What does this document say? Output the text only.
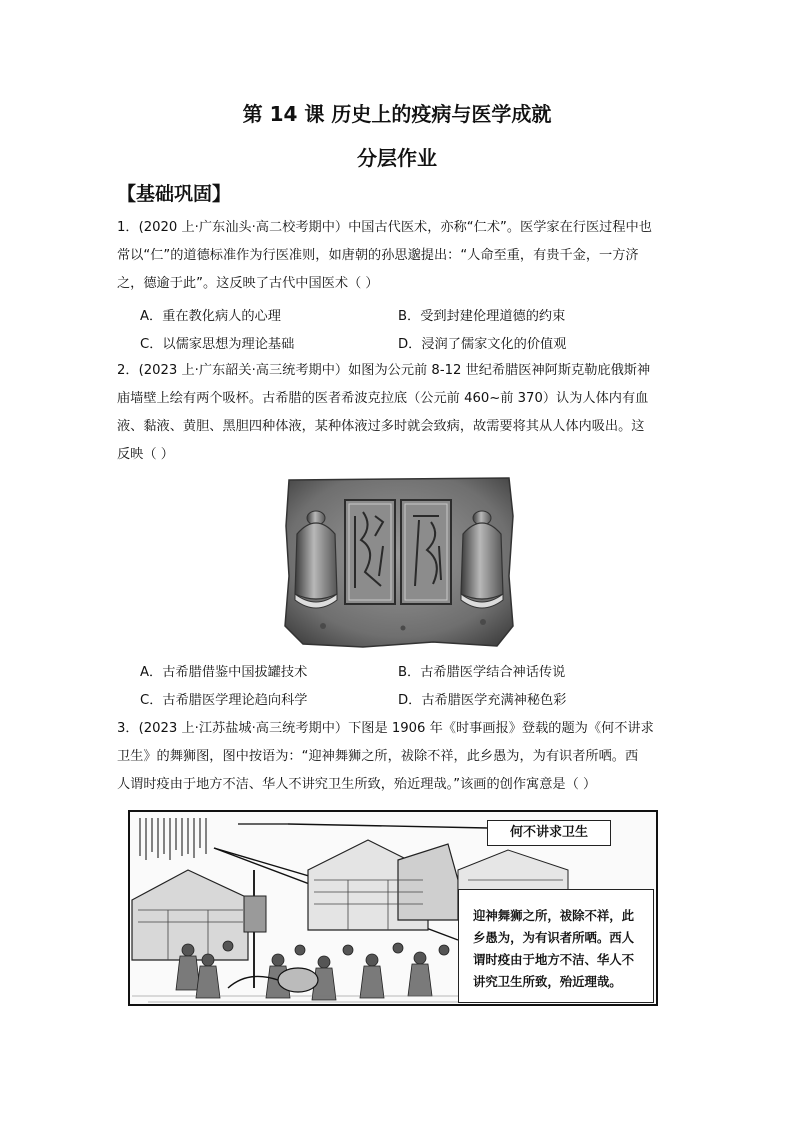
第 14 课 历史上的疫病与医学成就
分层作业
【基础巩固】
1．(2020 上·广东汕头·高二校考期中）中国古代医术，亦称“仁术”。医学家在行医过程中也
常以“仁”的道德标准作为行医准则，如唐朝的孙思邈提出：“人命至重，有贵千金，一方济
之，德逾于此”。这反映了古代中国医术（ ）
A．重在教化病人的心理	B．受到封建伦理道德的约束
C．以儒家思想为理论基础	D．浸润了儒家文化的价值观
2．(2023 上·广东韶关·高三统考期中）如图为公元前 8-12 世纪希腊医神阿斯克勒庇俄斯神
庙墙壁上绘有两个吸杯。古希腊的医者希波克拉底（公元前 460~前 370）认为人体内有血
液、黏液、黄胆、黑胆四种体液，某种体液过多时就会致病，故需要将其从人体内吸出。这
反映（ ）
A．古希腊借鉴中国拔罐技术	B．古希腊医学结合神话传说
C．古希腊医学理论趋向科学	D．古希腊医学充满神秘色彩
3．(2023 上·江苏盐城·高三统考期中）下图是 1906 年《时事画报》登载的题为《何不讲求
卫生》的舞狮图，图中按语为：“迎神舞狮之所，祓除不祥，此乡愚为，为有识者所哂。西
人谓时疫由于地方不洁、华人不讲究卫生所致，殆近理哉。”该画的创作寓意是（ ）
何不讲求卫生
迎神舞狮之所，祓除不祥，此
乡愚为，为有识者所哂。西人
谓时疫由于地方不洁、华人不
讲究卫生所致，殆近理哉。
